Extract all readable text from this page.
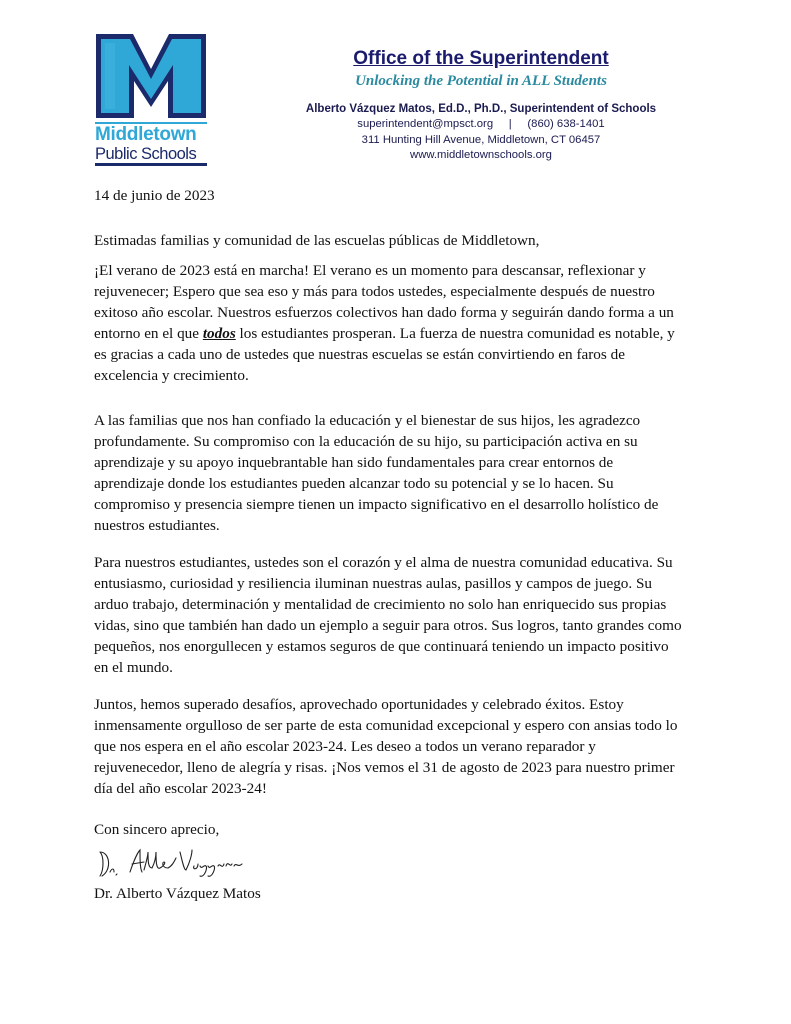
Middletown
Public Schools
Office of the Superintendent
Unlocking the Potential in ALL Students
Alberto Vázquez Matos, Ed.D., Ph.D., Superintendent of Schools
superintendent@mpsct.org     |     (860) 638-1401
311 Hunting Hill Avenue, Middletown, CT 06457
www.middletownschools.org
14 de junio de 2023
Estimadas familias y comunidad de las escuelas públicas de Middletown,
¡El verano de 2023 está en marcha! El verano es un momento para descansar, reflexionar y
rejuvenecer; Espero que sea eso y más para todos ustedes, especialmente después de nuestro
exitoso año escolar. Nuestros esfuerzos colectivos han dado forma y seguirán dando forma a un
entorno en el que todos los estudiantes prosperan. La fuerza de nuestra comunidad es notable, y
es gracias a cada uno de ustedes que nuestras escuelas se están convirtiendo en faros de
excelencia y crecimiento.
A las familias que nos han confiado la educación y el bienestar de sus hijos, les agradezco
profundamente. Su compromiso con la educación de su hijo, su participación activa en su
aprendizaje y su apoyo inquebrantable han sido fundamentales para crear entornos de
aprendizaje donde los estudiantes pueden alcanzar todo su potencial y se lo hacen. Su
compromiso y presencia siempre tienen un impacto significativo en el desarrollo holístico de
nuestros estudiantes.
Para nuestros estudiantes, ustedes son el corazón y el alma de nuestra comunidad educativa. Su
entusiasmo, curiosidad y resiliencia iluminan nuestras aulas, pasillos y campos de juego. Su
arduo trabajo, determinación y mentalidad de crecimiento no solo han enriquecido sus propias
vidas, sino que también han dado un ejemplo a seguir para otros. Sus logros, tanto grandes como
pequeños, nos enorgullecen y estamos seguros de que continuará teniendo un impacto positivo
en el mundo.
Juntos, hemos superado desafíos, aprovechado oportunidades y celebrado éxitos. Estoy
inmensamente orgulloso de ser parte de esta comunidad excepcional y espero con ansias todo lo
que nos espera en el año escolar 2023-24. Les deseo a todos un verano reparador y
rejuvenecedor, lleno de alegría y risas. ¡Nos vemos el 31 de agosto de 2023 para nuestro primer
día del año escolar 2023-24!
Con sincero aprecio,
Dr. Alberto Vázquez Matos
